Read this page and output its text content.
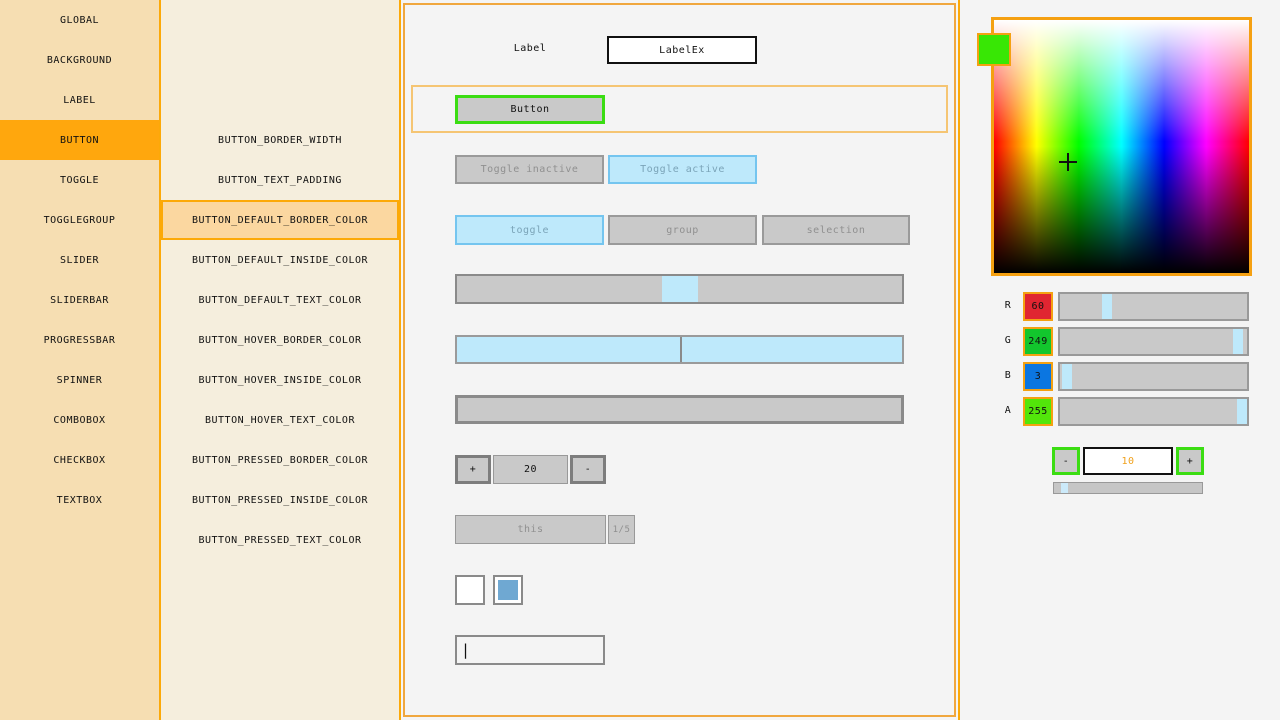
GLOBAL
BACKGROUND
LABEL
BUTTON
TOGGLE
TOGGLEGROUP
SLIDER
SLIDERBAR
PROGRESSBAR
SPINNER
COMBOBOX
CHECKBOX
TEXTBOX
BUTTON_BORDER_WIDTH
BUTTON_TEXT_PADDING
BUTTON_DEFAULT_BORDER_COLOR
BUTTON_DEFAULT_INSIDE_COLOR
BUTTON_DEFAULT_TEXT_COLOR
BUTTON_HOVER_BORDER_COLOR
BUTTON_HOVER_INSIDE_COLOR
BUTTON_HOVER_TEXT_COLOR
BUTTON_PRESSED_BORDER_COLOR
BUTTON_PRESSED_INSIDE_COLOR
BUTTON_PRESSED_TEXT_COLOR
Label	LabelEx
Button
Toggle inactive	Toggle active
toggle	group	selection
+	20	-
this	1/5
|
R	60
G	249
B	3
A	255
-	10	+
